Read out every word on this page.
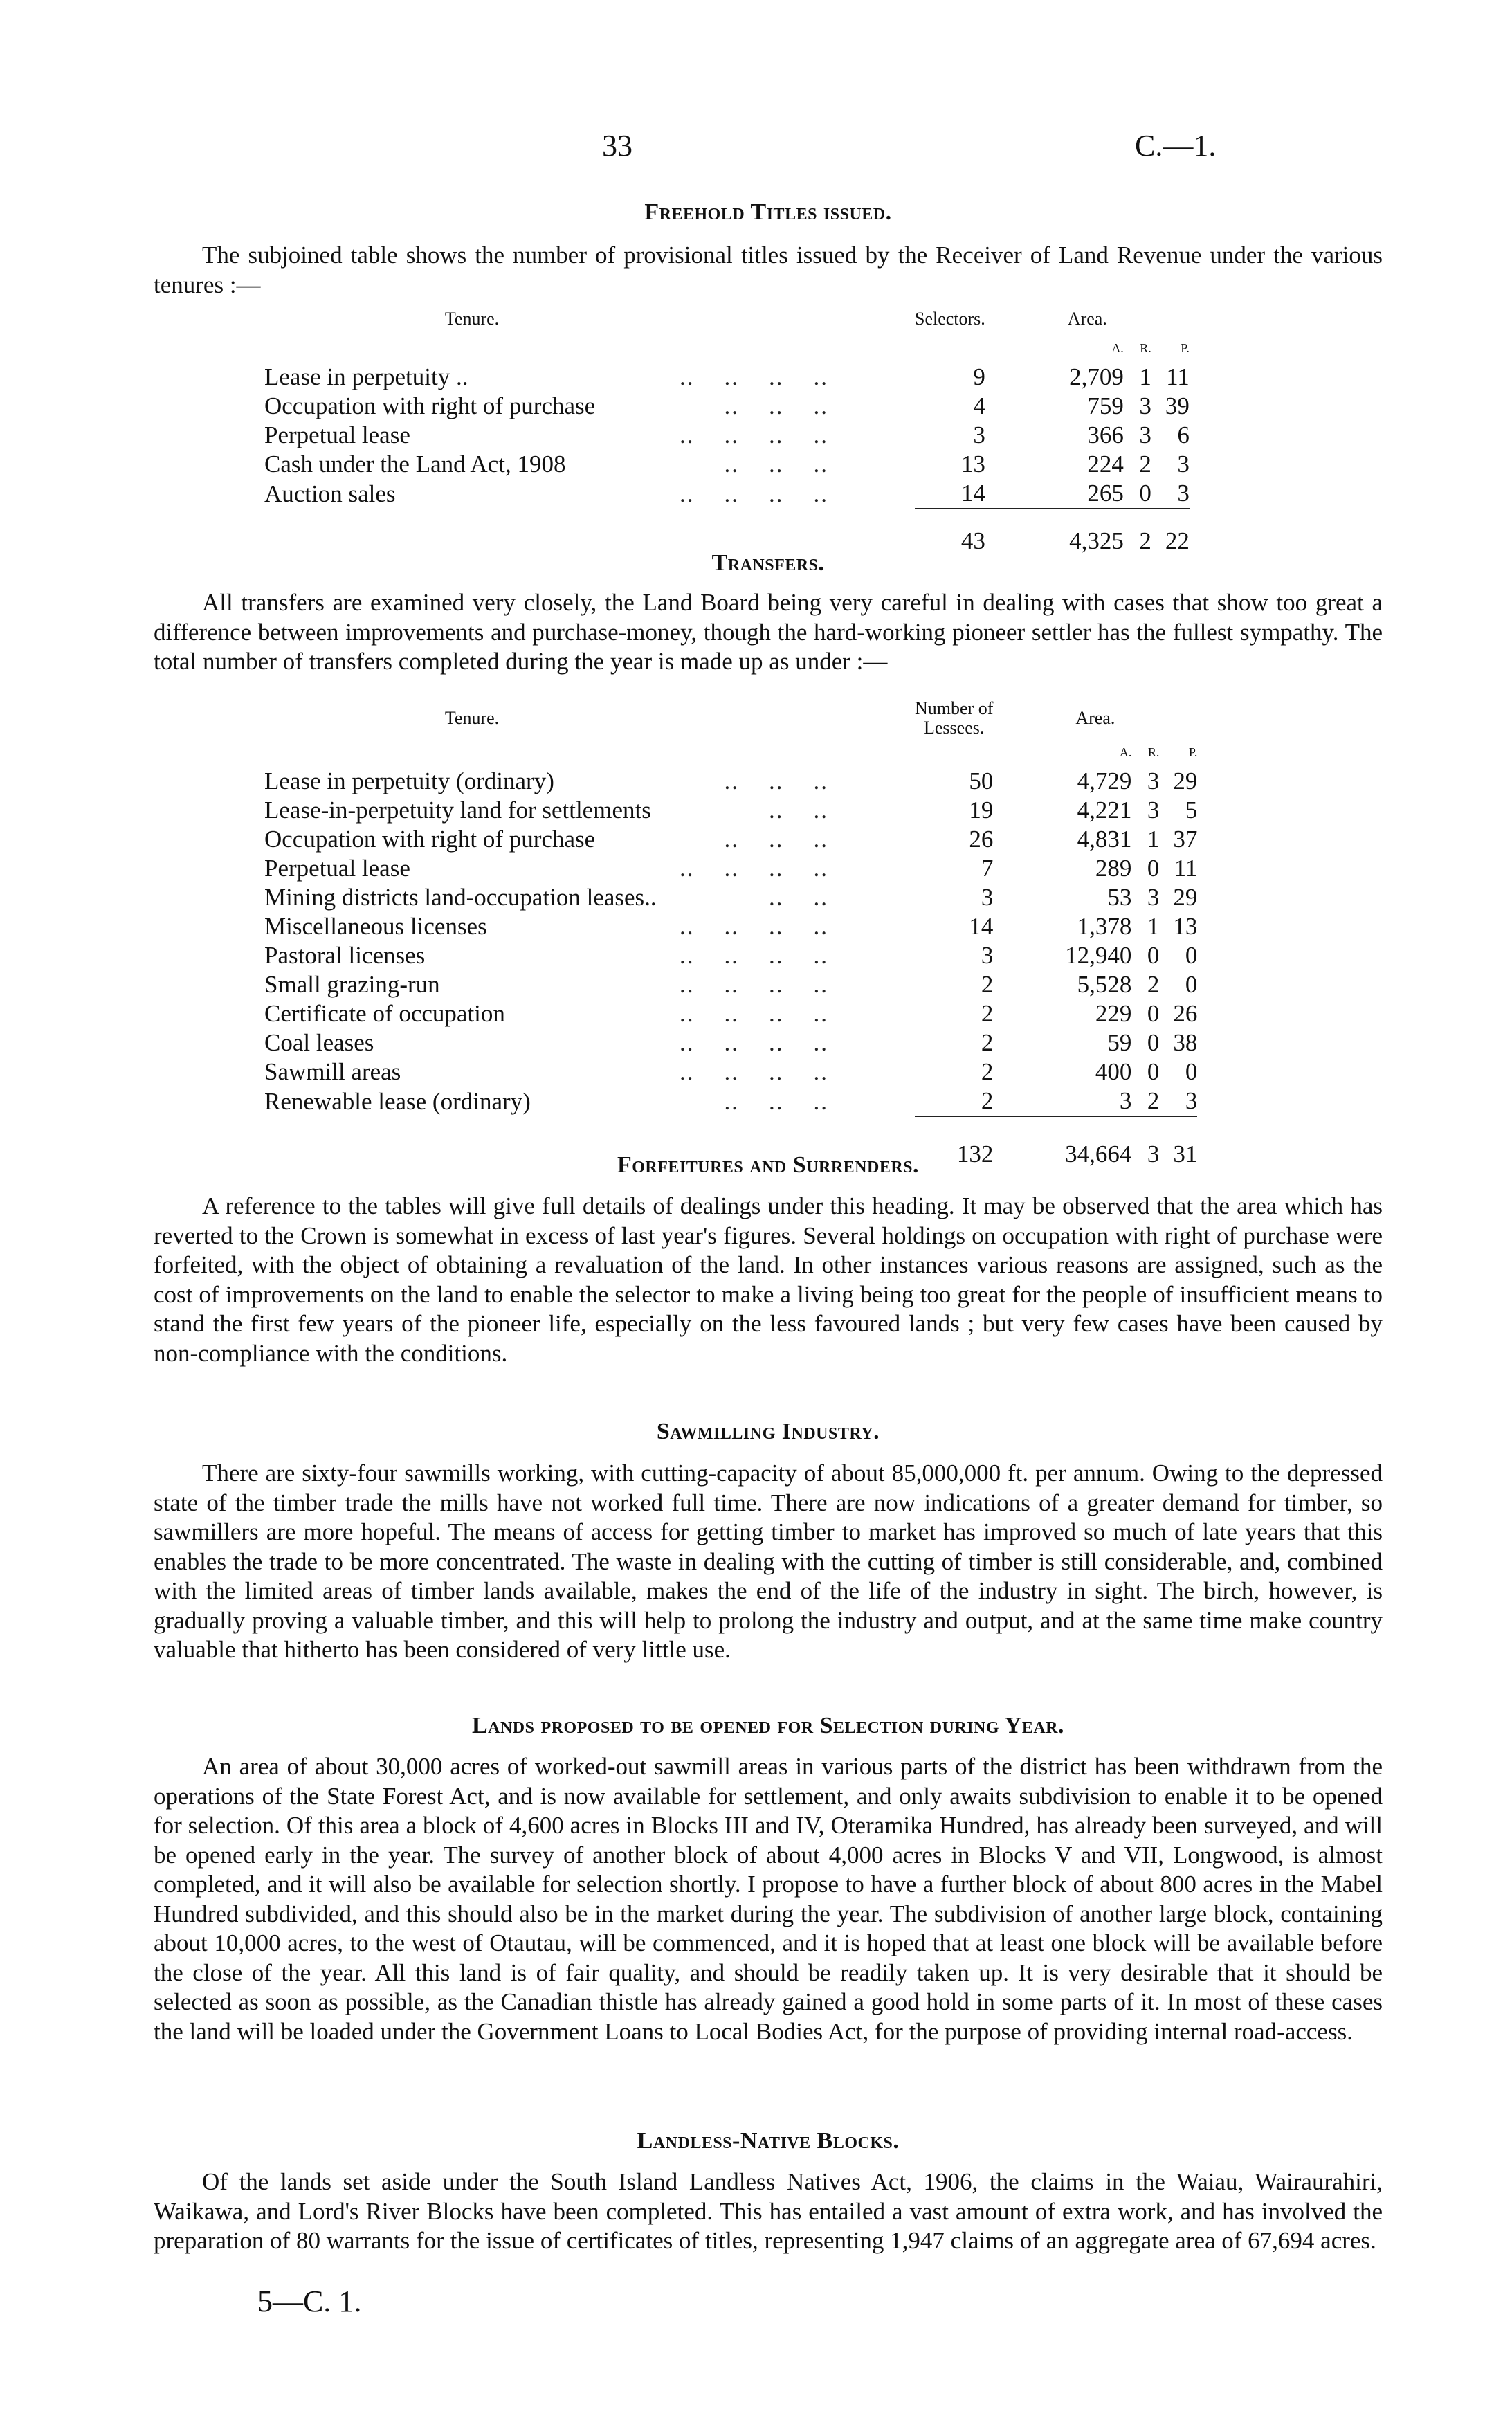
33	C.—1.
Freehold Titles issued.

The subjoined table shows the number of provisional titles issued by the Receiver of Land Revenue under the various tenures :—

Tenure.		Selectors.	Area.		
			A.	R.	P.
Lease in perpetuity ..	..    ..    ..    ..	9	2,709	1	11
Occupation with right of purchase	..    ..    ..	4	759	3	39
Perpetual lease	..    ..    ..    ..	3	366	3	6
Cash under the Land Act, 1908	..    ..    ..	13	224	2	3
Auction sales	..    ..    ..    ..	14	265	0	3

		43	4,325	2	22
Transfers.

All transfers are examined very closely, the Land Board being very careful in dealing with cases that show too great a difference between improvements and purchase-money, though the hard-working pioneer settler has the fullest sympathy. The total number of transfers completed during the year is made up as under :—

Tenure.		Number of
Lessees.	Area.		
			A.	R.	P.
Lease in perpetuity (ordinary)	..    ..    ..	50	4,729	3	29
Lease-in-perpetuity land for settlements	..    ..	19	4,221	3	5
Occupation with right of purchase	..    ..    ..	26	4,831	1	37
Perpetual lease	..    ..    ..    ..	7	289	0	11
Mining districts land-occupation leases..	..    ..	3	53	3	29
Miscellaneous licenses	..    ..    ..    ..	14	1,378	1	13
Pastoral licenses	..    ..    ..    ..	3	12,940	0	0
Small grazing-run	..    ..    ..    ..	2	5,528	2	0
Certificate of occupation	..    ..    ..    ..	2	229	0	26
Coal leases	..    ..    ..    ..	2	59	0	38
Sawmill areas	..    ..    ..    ..	2	400	0	0
Renewable lease (ordinary)	..    ..    ..	2	3	2	3

		132	34,664	3	31
Forfeitures and Surrenders.

A reference to the tables will give full details of dealings under this heading. It may be observed that the area which has reverted to the Crown is somewhat in excess of last year's figures. Several holdings on occupation with right of purchase were forfeited, with the object of obtaining a revaluation of the land. In other instances various reasons are assigned, such as the cost of improvements on the land to enable the selector to make a living being too great for the people of insufficient means to stand the first few years of the pioneer life, especially on the less favoured lands ; but very few cases have been caused by non-compliance with the conditions.

Sawmilling Industry.

There are sixty-four sawmills working, with cutting-capacity of about 85,000,000 ft. per annum. Owing to the depressed state of the timber trade the mills have not worked full time. There are now indications of a greater demand for timber, so sawmillers are more hopeful. The means of access for getting timber to market has improved so much of late years that this enables the trade to be more concentrated. The waste in dealing with the cutting of timber is still considerable, and, combined with the limited areas of timber lands available, makes the end of the life of the industry in sight. The birch, however, is gradually proving a valuable timber, and this will help to prolong the industry and output, and at the same time make country valuable that hitherto has been considered of very little use.

Lands proposed to be opened for Selection during Year.

An area of about 30,000 acres of worked-out sawmill areas in various parts of the district has been withdrawn from the operations of the State Forest Act, and is now available for settlement, and only awaits subdivision to enable it to be opened for selection. Of this area a block of 4,600 acres in Blocks III and IV, Oteramika Hundred, has already been surveyed, and will be opened early in the year. The survey of another block of about 4,000 acres in Blocks V and VII, Longwood, is almost completed, and it will also be available for selection shortly. I propose to have a further block of about 800 acres in the Mabel Hundred subdivided, and this should also be in the market during the year. The subdivision of another large block, containing about 10,000 acres, to the west of Otautau, will be commenced, and it is hoped that at least one block will be available before the close of the year. All this land is of fair quality, and should be readily taken up. It is very desirable that it should be selected as soon as possible, as the Canadian thistle has already gained a good hold in some parts of it. In most of these cases the land will be loaded under the Government Loans to Local Bodies Act, for the purpose of providing internal road-access.

Landless-Native Blocks.

Of the lands set aside under the South Island Landless Natives Act, 1906, the claims in the Waiau, Wairaurahiri, Waikawa, and Lord's River Blocks have been completed. This has entailed a vast amount of extra work, and has involved the preparation of 80 warrants for the issue of certificates of titles, representing 1,947 claims of an aggregate area of 67,694 acres.

5—C. 1.
